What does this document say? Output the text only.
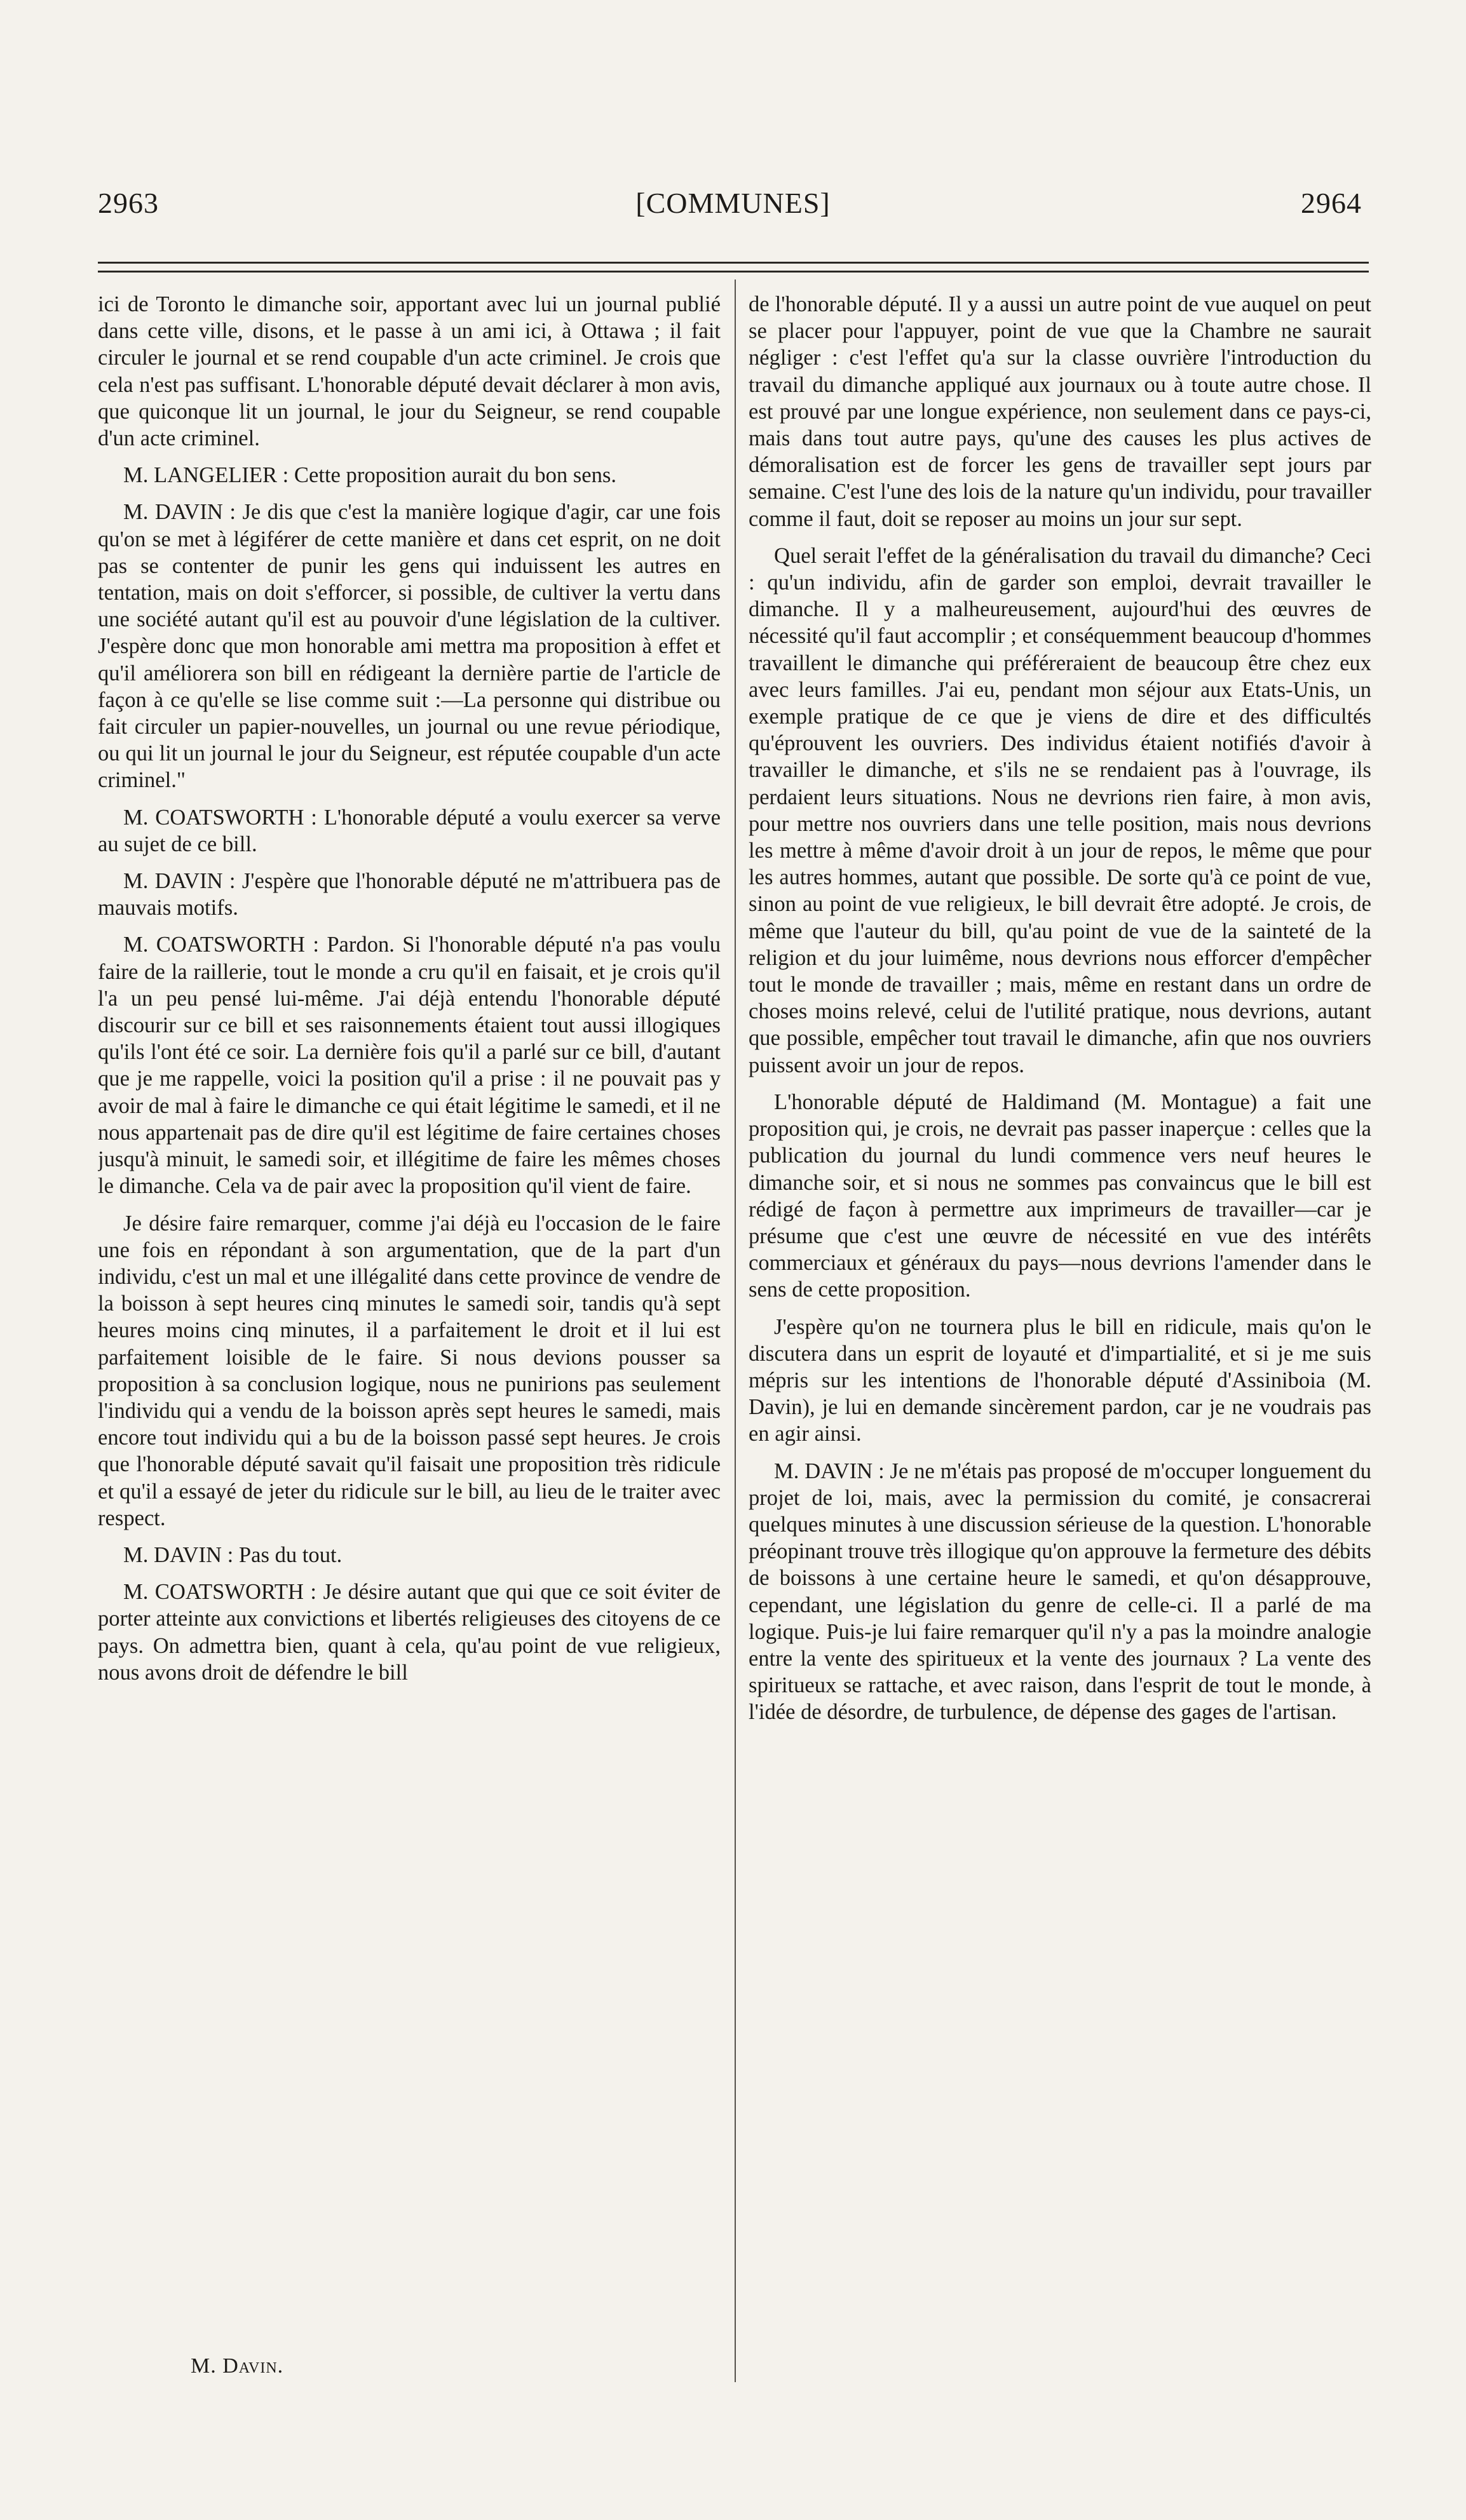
2963	[COMMUNES]	2964

ici de Toronto le dimanche soir, apportant avec lui un journal publié dans cette ville, disons, et le passe à un ami ici, à Ottawa ; il fait circuler le journal et se rend coupable d'un acte criminel. Je crois que cela n'est pas suffisant. L'honorable député devait déclarer à mon avis, que quiconque lit un journal, le jour du Seigneur, se rend coupable d'un acte criminel.

M. LANGELIER : Cette proposition aurait du bon sens.

M. DAVIN : Je dis que c'est la manière logique d'agir, car une fois qu'on se met à légiférer de cette manière et dans cet esprit, on ne doit pas se contenter de punir les gens qui induissent les autres en tentation, mais on doit s'efforcer, si possible, de cultiver la vertu dans une société autant qu'il est au pouvoir d'une législation de la cultiver. J'espère donc que mon honorable ami mettra ma proposition à effet et qu'il améliorera son bill en rédigeant la dernière partie de l'article de façon à ce qu'elle se lise comme suit :—La personne qui distribue ou fait circuler un papier-nouvelles, un journal ou une revue périodique, ou qui lit un journal le jour du Seigneur, est réputée coupable d'un acte criminel."

M. COATSWORTH : L'honorable député a voulu exercer sa verve au sujet de ce bill.

M. DAVIN : J'espère que l'honorable député ne m'attribuera pas de mauvais motifs.

M. COATSWORTH : Pardon. Si l'honorable député n'a pas voulu faire de la raillerie, tout le monde a cru qu'il en faisait, et je crois qu'il l'a un peu pensé lui-même. J'ai déjà entendu l'honorable député discourir sur ce bill et ses raisonnements étaient tout aussi illogiques qu'ils l'ont été ce soir. La dernière fois qu'il a parlé sur ce bill, d'autant que je me rappelle, voici la position qu'il a prise : il ne pouvait pas y avoir de mal à faire le dimanche ce qui était légitime le samedi, et il ne nous appartenait pas de dire qu'il est légitime de faire certaines choses jusqu'à minuit, le samedi soir, et illégitime de faire les mêmes choses le dimanche. Cela va de pair avec la proposition qu'il vient de faire.

Je désire faire remarquer, comme j'ai déjà eu l'occasion de le faire une fois en répondant à son argumentation, que de la part d'un individu, c'est un mal et une illégalité dans cette province de vendre de la boisson à sept heures cinq minutes le samedi soir, tandis qu'à sept heures moins cinq minutes, il a parfaitement le droit et il lui est parfaitement loisible de le faire. Si nous devions pousser sa proposition à sa conclusion logique, nous ne punirions pas seulement l'individu qui a vendu de la boisson après sept heures le samedi, mais encore tout individu qui a bu de la boisson passé sept heures. Je crois que l'honorable député savait qu'il faisait une proposition très ridicule et qu'il a essayé de jeter du ridicule sur le bill, au lieu de le traiter avec respect.

M. DAVIN : Pas du tout.

M. COATSWORTH : Je désire autant que qui que ce soit éviter de porter atteinte aux convictions et libertés religieuses des citoyens de ce pays. On admettra bien, quant à cela, qu'au point de vue religieux, nous avons droit de défendre le bill

M. Davin.

de l'honorable député. Il y a aussi un autre point de vue auquel on peut se placer pour l'appuyer, point de vue que la Chambre ne saurait négliger : c'est l'effet qu'a sur la classe ouvrière l'introduction du travail du dimanche appliqué aux journaux ou à toute autre chose. Il est prouvé par une longue expérience, non seulement dans ce pays-ci, mais dans tout autre pays, qu'une des causes les plus actives de démoralisation est de forcer les gens de travailler sept jours par semaine. C'est l'une des lois de la nature qu'un individu, pour travailler comme il faut, doit se reposer au moins un jour sur sept.

Quel serait l'effet de la généralisation du travail du dimanche? Ceci : qu'un individu, afin de garder son emploi, devrait travailler le dimanche. Il y a malheureusement, aujourd'hui des œuvres de nécessité qu'il faut accomplir ; et conséquemment beaucoup d'hommes travaillent le dimanche qui préféreraient de beaucoup être chez eux avec leurs familles. J'ai eu, pendant mon séjour aux Etats-Unis, un exemple pratique de ce que je viens de dire et des difficultés qu'éprouvent les ouvriers. Des individus étaient notifiés d'avoir à travailler le dimanche, et s'ils ne se rendaient pas à l'ouvrage, ils perdaient leurs situations. Nous ne devrions rien faire, à mon avis, pour mettre nos ouvriers dans une telle position, mais nous devrions les mettre à même d'avoir droit à un jour de repos, le même que pour les autres hommes, autant que possible. De sorte qu'à ce point de vue, sinon au point de vue religieux, le bill devrait être adopté. Je crois, de même que l'auteur du bill, qu'au point de vue de la sainteté de la religion et du jour luimême, nous devrions nous efforcer d'empêcher tout le monde de travailler ; mais, même en restant dans un ordre de choses moins relevé, celui de l'utilité pratique, nous devrions, autant que possible, empêcher tout travail le dimanche, afin que nos ouvriers puissent avoir un jour de repos.

L'honorable député de Haldimand (M. Montague) a fait une proposition qui, je crois, ne devrait pas passer inaperçue : celles que la publication du journal du lundi commence vers neuf heures le dimanche soir, et si nous ne sommes pas convaincus que le bill est rédigé de façon à permettre aux imprimeurs de travailler—car je présume que c'est une œuvre de nécessité en vue des intérêts commerciaux et généraux du pays—nous devrions l'amender dans le sens de cette proposition.

J'espère qu'on ne tournera plus le bill en ridicule, mais qu'on le discutera dans un esprit de loyauté et d'impartialité, et si je me suis mépris sur les intentions de l'honorable député d'Assiniboia (M. Davin), je lui en demande sincèrement pardon, car je ne voudrais pas en agir ainsi.

M. DAVIN : Je ne m'étais pas proposé de m'occuper longuement du projet de loi, mais, avec la permission du comité, je consacrerai quelques minutes à une discussion sérieuse de la question. L'honorable préopinant trouve très illogique qu'on approuve la fermeture des débits de boissons à une certaine heure le samedi, et qu'on désapprouve, cependant, une législation du genre de celle-ci. Il a parlé de ma logique. Puis-je lui faire remarquer qu'il n'y a pas la moindre analogie entre la vente des spiritueux et la vente des journaux ? La vente des spiritueux se rattache, et avec raison, dans l'esprit de tout le monde, à l'idée de désordre, de turbulence, de dépense des gages de l'artisan.
